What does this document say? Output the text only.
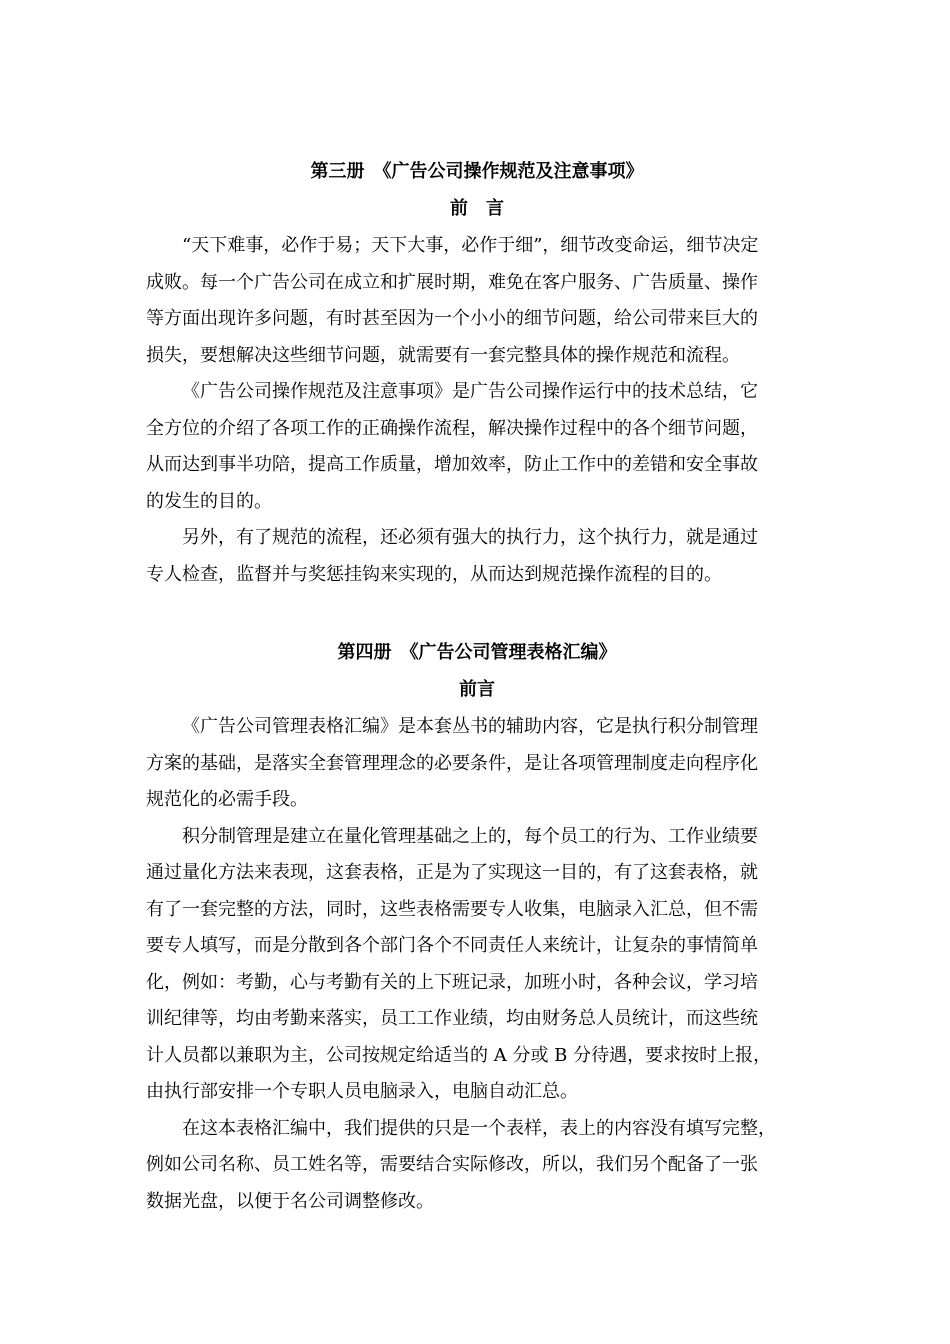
第三册　《广告公司操作规范及注意事项》
前　言

“天下难事，必作于易；天下大事，必作于细”，细节改变命运，细节决定
成败。每一个广告公司在成立和扩展时期，难免在客户服务、广告质量、操作
等方面出现许多问题，有时甚至因为一个小小的细节问题，给公司带来巨大的
损失，要想解决这些细节问题，就需要有一套完整具体的操作规范和流程。

《广告公司操作规范及注意事项》是广告公司操作运行中的技术总结，它
全方位的介绍了各项工作的正确操作流程，解决操作过程中的各个细节问题，
从而达到事半功陪，提高工作质量，增加效率，防止工作中的差错和安全事故
的发生的目的。

另外，有了规范的流程，还必须有强大的执行力，这个执行力，就是通过
专人检查，监督并与奖惩挂钩来实现的，从而达到规范操作流程的目的。

第四册　《广告公司管理表格汇编》
前言

《广告公司管理表格汇编》是本套丛书的辅助内容，它是执行积分制管理
方案的基础，是落实全套管理理念的必要条件，是让各项管理制度走向程序化
规范化的必需手段。

积分制管理是建立在量化管理基础之上的，每个员工的行为、工作业绩要
通过量化方法来表现，这套表格，正是为了实现这一目的，有了这套表格，就
有了一套完整的方法，同时，这些表格需要专人收集，电脑录入汇总，但不需
要专人填写，而是分散到各个部门各个不同责任人来统计，让复杂的事情简单
化，例如：考勤，心与考勤有关的上下班记录，加班小时，各种会议，学习培
训纪律等，均由考勤来落实，员工工作业绩，均由财务总人员统计，而这些统
计人员都以兼职为主，公司按规定给适当的 A 分或 B 分待遇，要求按时上报，
由执行部安排一个专职人员电脑录入，电脑自动汇总。

在这本表格汇编中，我们提供的只是一个表样，表上的内容没有填写完整，
例如公司名称、员工姓名等，需要结合实际修改，所以，我们另个配备了一张
数据光盘，以便于名公司调整修改。
